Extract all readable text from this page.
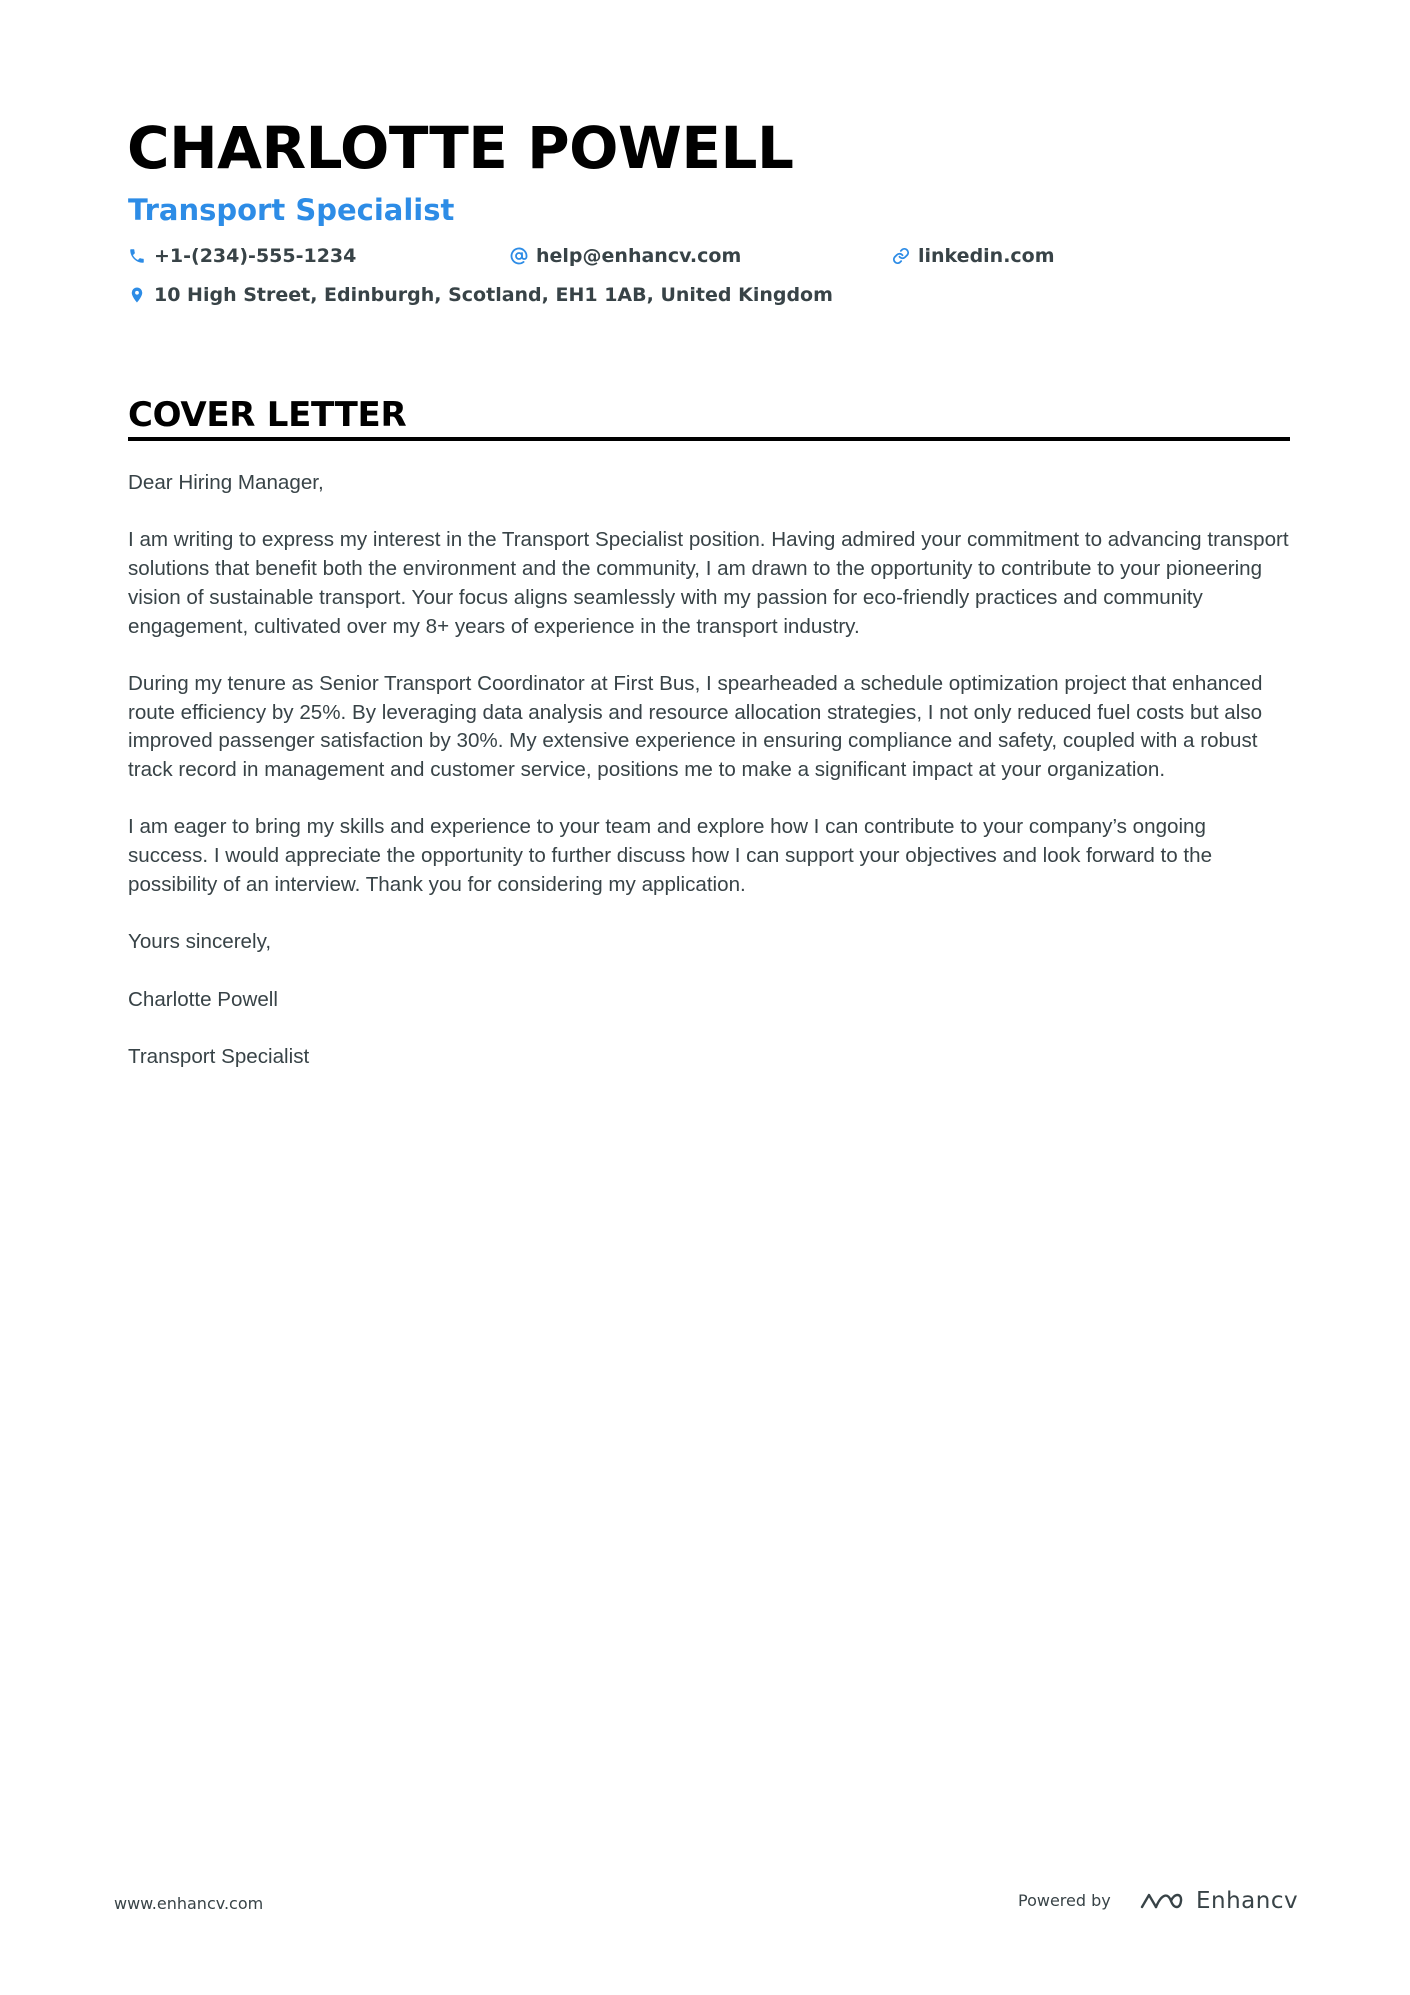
CHARLOTTE POWELL
Transport Specialist
+1-(234)-555-1234	help@enhancv.com	linkedin.com
10 High Street, Edinburgh, Scotland, EH1 1AB, United Kingdom
COVER LETTER

Dear Hiring Manager,

I am writing to express my interest in the Transport Specialist position. Having admired your commitment to advancing transport solutions that benefit both the environment and the community, I am drawn to the opportunity to contribute to your pioneering vision of sustainable transport. Your focus aligns seamlessly with my passion for eco-friendly practices and community engagement, cultivated over my 8+ years of experience in the transport industry.

During my tenure as Senior Transport Coordinator at First Bus, I spearheaded a schedule optimization project that enhanced route efficiency by 25%. By leveraging data analysis and resource allocation strategies, I not only reduced fuel costs but also improved passenger satisfaction by 30%. My extensive experience in ensuring compliance and safety, coupled with a robust track record in management and customer service, positions me to make a significant impact at your organization.

I am eager to bring my skills and experience to your team and explore how I can contribute to your company’s ongoing success. I would appreciate the opportunity to further discuss how I can support your objectives and look forward to the possibility of an interview. Thank you for considering my application.

Yours sincerely,

Charlotte Powell

Transport Specialist

www.enhancv.com	Powered by	Enhancv
